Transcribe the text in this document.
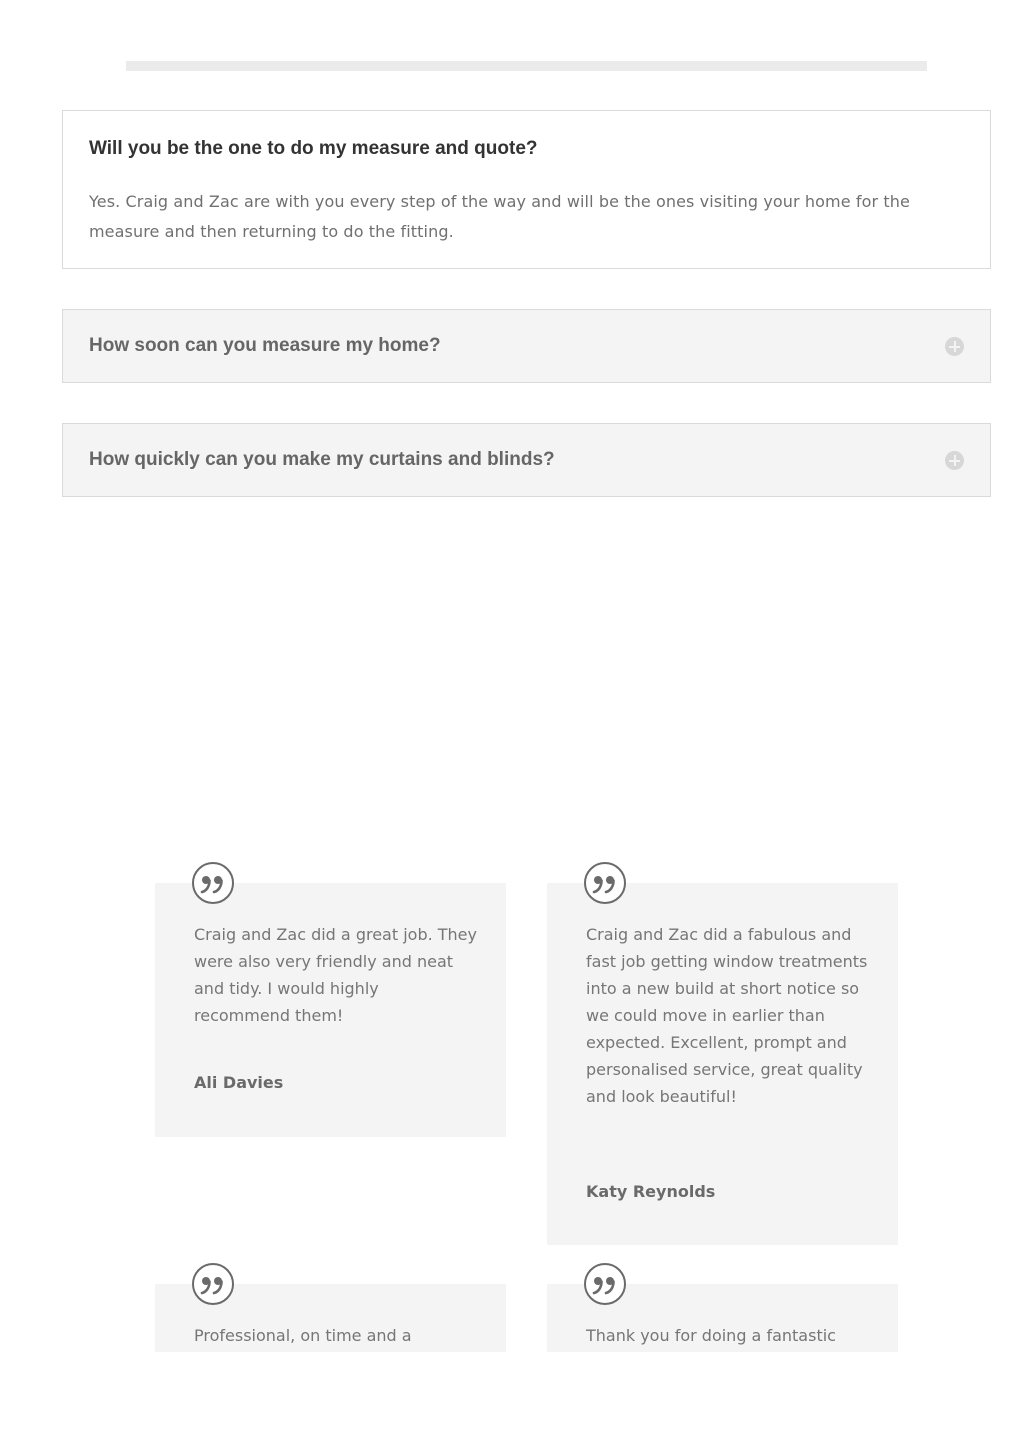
Will you be the one to do my measure and quote?

Yes. Craig and Zac are with you every step of the way and will be the ones visiting your home for the measure and then returning to do the fitting.

How soon can you measure my home?
How quickly can you make my curtains and blinds?

Craig and Zac did a great job. They were also very friendly and neat and tidy. I would highly recommend them!

Ali Davies

Craig and Zac did a fabulous and fast job getting window treatments into a new build at short notice so we could move in earlier than expected. Excellent, prompt and personalised service, great quality and look beautiful!

Katy Reynolds

Professional, on time and a	Thank you for doing a fantastic
